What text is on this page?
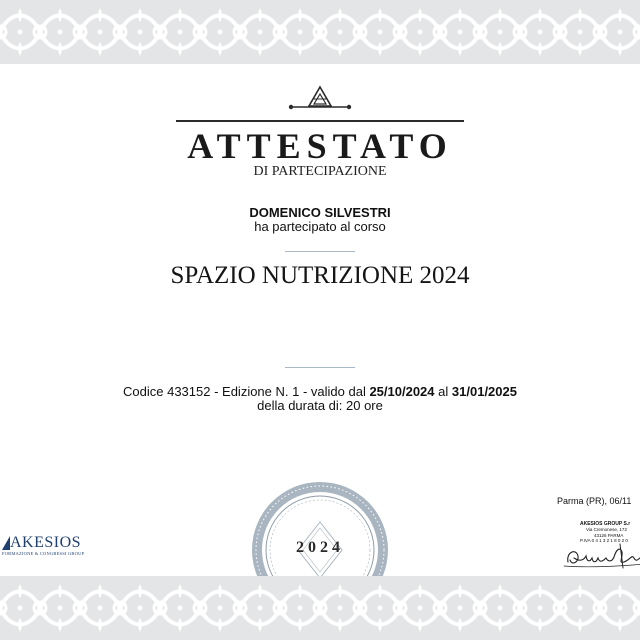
ATTESTATO
DI PARTECIPAZIONE
DOMENICO SILVESTRI
ha partecipato al corso
SPAZIO NUTRIZIONE 2024
Codice 433152 - Edizione N. 1 - valido dal 25/10/2024 al 31/01/2025
della durata di: 20 ore
2024
AKESIOS
FORMAZIONE & CONGRESSI GROUP
Parma (PR), 06/11
AKESIOS GROUP S.r
Via Cremonese, 172
43126 PARMA
P.IVA 0 4 1 3 2 1 8 0 2 0
